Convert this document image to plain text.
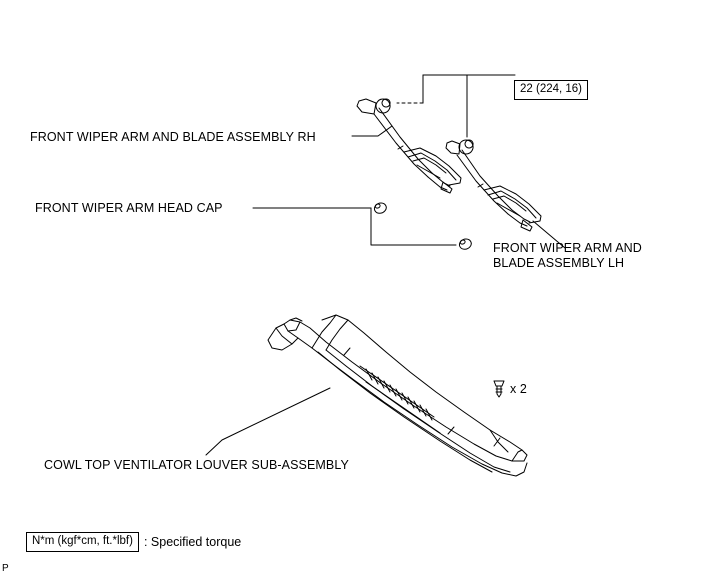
FRONT WIPER ARM AND BLADE ASSEMBLY RH
FRONT WIPER ARM HEAD CAP
FRONT WIPER ARM AND BLADE ASSEMBLY LH
COWL TOP VENTILATOR LOUVER SUB-ASSEMBLY
22 (224, 16)
x 2
N*m (kgf*cm, ft.*lbf) : Specified torque
P
